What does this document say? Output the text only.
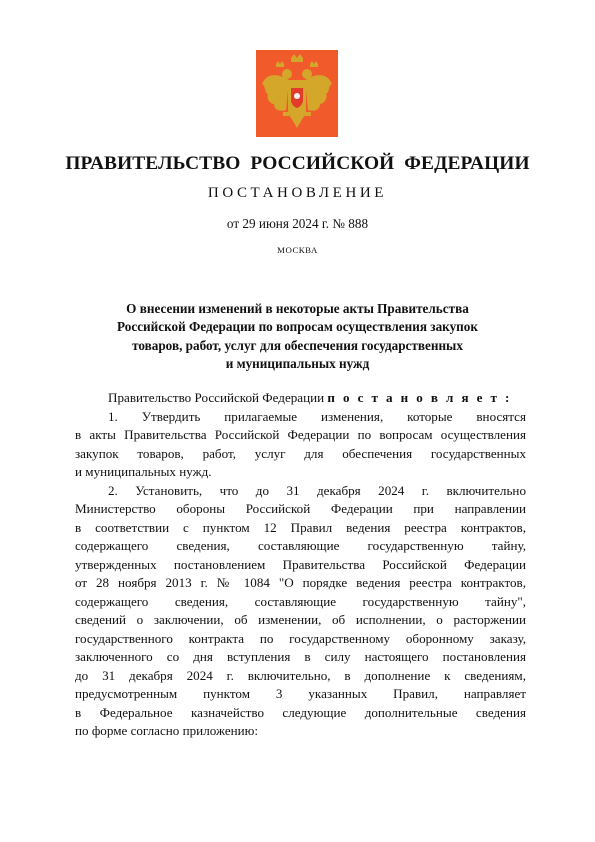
ПРАВИТЕЛЬСТВО РОССИЙСКОЙ ФЕДЕРАЦИИ
ПОСТАНОВЛЕНИЕ
от 29 июня 2024 г. № 888
МОСКВА
О внесении изменений в некоторые акты Правительства
Российской Федерации по вопросам осуществления закупок
товаров, работ, услуг для обеспечения государственных
и муниципальных нужд
Правительство Российской Федерации п о с т а н о в л я е т :
1. Утвердить прилагаемые изменения, которые вносятся
в акты Правительства Российской Федерации по вопросам осуществления
закупок товаров, работ, услуг для обеспечения государственных
и муниципальных нужд.
2. Установить, что до 31 декабря 2024 г. включительно
Министерство обороны Российской Федерации при направлении
в соответствии с пунктом 12 Правил ведения реестра контрактов,
содержащего сведения, составляющие государственную тайну,
утвержденных постановлением Правительства Российской Федерации
от 28 ноября 2013 г. № 1084 "О порядке ведения реестра контрактов,
содержащего сведения, составляющие государственную тайну",
сведений о заключении, об изменении, об исполнении, о расторжении
государственного контракта по государственному оборонному заказу,
заключенного со дня вступления в силу настоящего постановления
до 31 декабря 2024 г. включительно, в дополнение к сведениям,
предусмотренным пунктом 3 указанных Правил, направляет
в Федеральное казначейство следующие дополнительные сведения
по форме согласно приложению:
